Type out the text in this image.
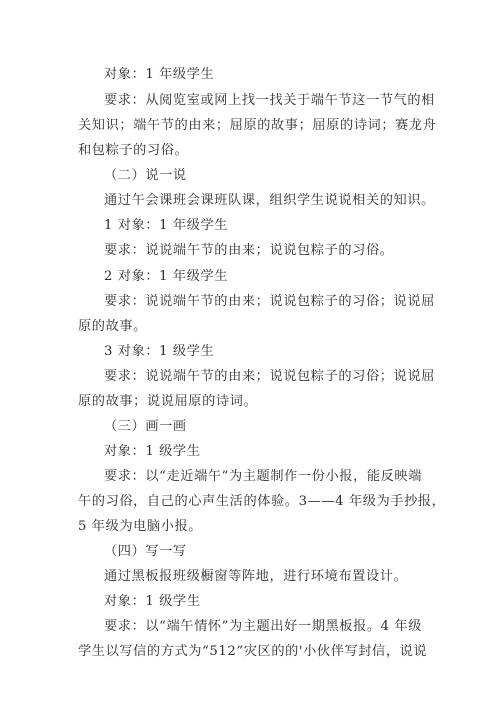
对象：1 年级学生
要求：从阅览室或网上找一找关于端午节这一节气的相
关知识；端午节的由来；屈原的故事；屈原的诗词；赛龙舟
和包粽子的习俗。
（二）说一说
通过午会课班会课班队课，组织学生说说相关的知识。
1 对象：1 年级学生
要求：说说端午节的由来；说说包粽子的习俗。
2 对象：1 年级学生
要求：说说端午节的由来；说说包粽子的习俗；说说屈
原的故事。
3 对象：1 级学生
要求：说说端午节的由来；说说包粽子的习俗；说说屈
原的故事；说说屈原的诗词。
（三）画一画
对象：1 级学生
要求：以“走近端午”为主题制作一份小报，能反映端
午的习俗，自己的心声生活的体验。3——4 年级为手抄报，
5 年级为电脑小报。
（四）写一写
通过黑板报班级橱窗等阵地，进行环境布置设计。
对象：1 级学生
要求：以“端午情怀”为主题出好一期黑板报。4 年级
学生以写信的方式为“512”灾区的的'小伙伴写封信，说说
